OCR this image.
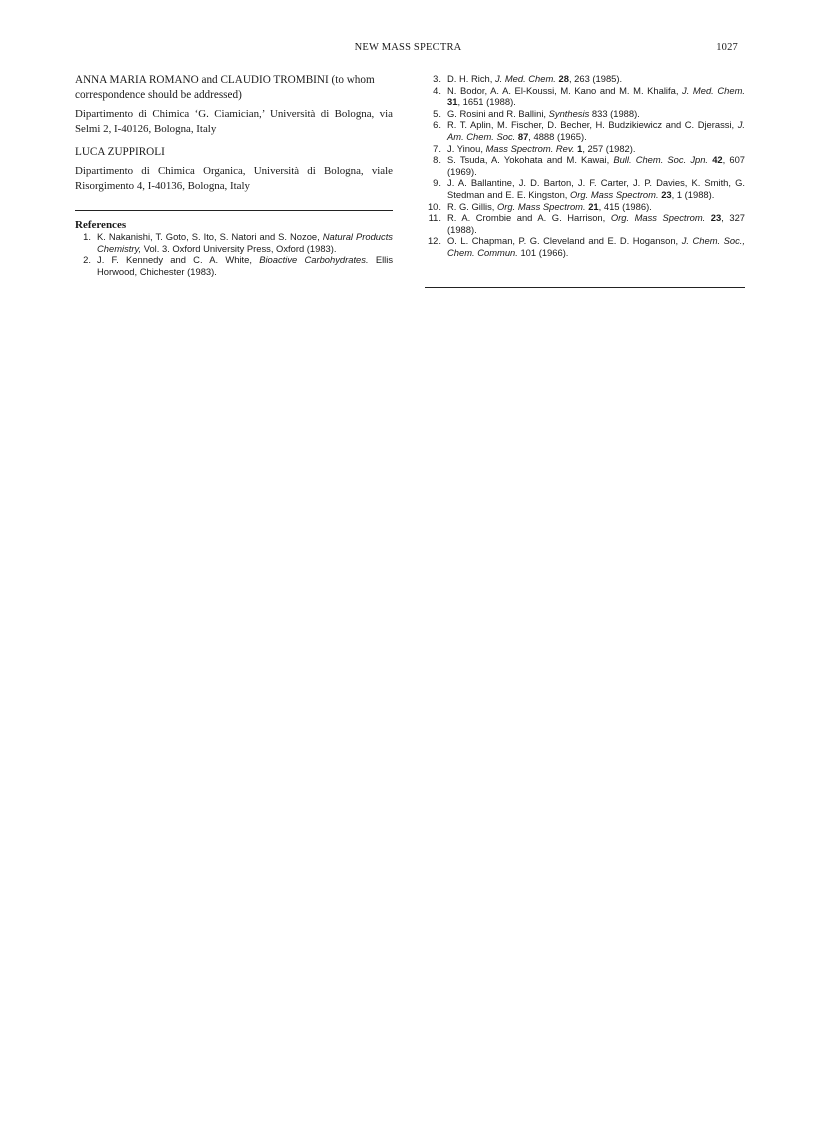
NEW MASS SPECTRA	1027
ANNA MARIA ROMANO and CLAUDIO TROMBINI (to whom correspondence should be addressed)
Dipartimento di Chimica ‘G. Ciamician,’ Università di Bologna, via Selmi 2, I-40126, Bologna, Italy
LUCA ZUPPIROLI
Dipartimento di Chimica Organica, Università di Bologna, viale Risorgimento 4, I-40136, Bologna, Italy
References
1. K. Nakanishi, T. Goto, S. Ito, S. Natori and S. Nozoe, Natural Products Chemistry, Vol. 3. Oxford University Press, Oxford (1983).
2. J. F. Kennedy and C. A. White, Bioactive Carbohydrates. Ellis Horwood, Chichester (1983).
3. D. H. Rich, J. Med. Chem. 28, 263 (1985).
4. N. Bodor, A. A. El-Koussi, M. Kano and M. M. Khalifa, J. Med. Chem. 31, 1651 (1988).
5. G. Rosini and R. Ballini, Synthesis 833 (1988).
6. R. T. Aplin, M. Fischer, D. Becher, H. Budzikiewicz and C. Djerassi, J. Am. Chem. Soc. 87, 4888 (1965).
7. J. Yinou, Mass Spectrom. Rev. 1, 257 (1982).
8. S. Tsuda, A. Yokohata and M. Kawai, Bull. Chem. Soc. Jpn. 42, 607 (1969).
9. J. A. Ballantine, J. D. Barton, J. F. Carter, J. P. Davies, K. Smith, G. Stedman and E. E. Kingston, Org. Mass Spectrom. 23, 1 (1988).
10. R. G. Gillis, Org. Mass Spectrom. 21, 415 (1986).
11. R. A. Crombie and A. G. Harrison, Org. Mass Spectrom. 23, 327 (1988).
12. O. L. Chapman, P. G. Cleveland and E. D. Hoganson, J. Chem. Soc., Chem. Commun. 101 (1966).
